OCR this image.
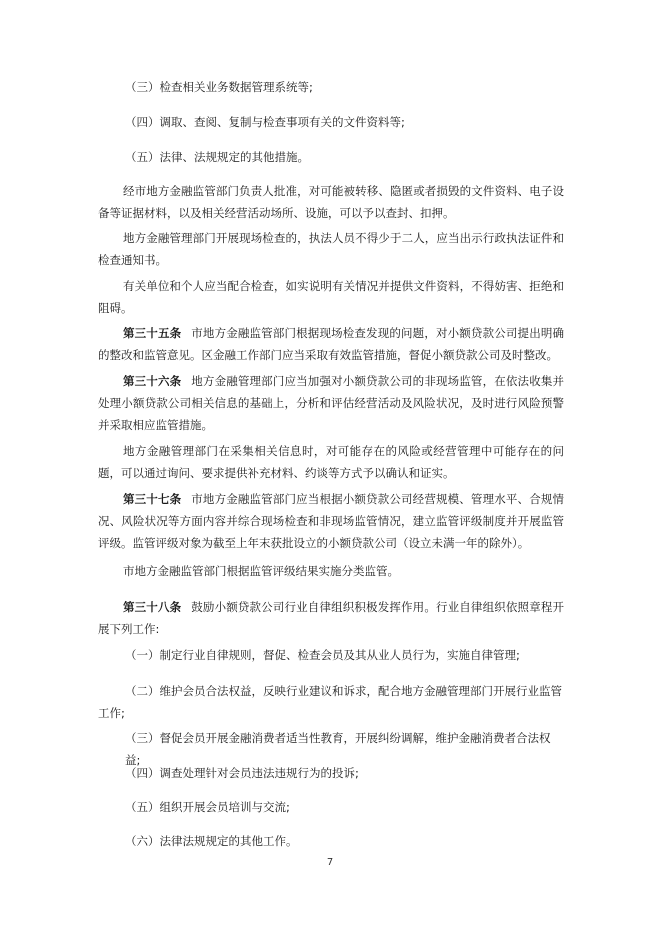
（三）检查相关业务数据管理系统等;

（四）调取、查阅、复制与检查事项有关的文件资料等;

（五）法律、法规规定的其他措施。

经市地方金融监管部门负责人批准，对可能被转移、隐匿或者损毁的文件资料、电子设备等证据材料，以及相关经营活动场所、设施，可以予以查封、扣押。

地方金融管理部门开展现场检查的，执法人员不得少于二人，应当出示行政执法证件和检查通知书。

有关单位和个人应当配合检查，如实说明有关情况并提供文件资料，不得妨害、拒绝和阻碍。

第三十五条 市地方金融监管部门根据现场检查发现的问题，对小额贷款公司提出明确的整改和监管意见。区金融工作部门应当采取有效监管措施，督促小额贷款公司及时整改。

第三十六条 地方金融管理部门应当加强对小额贷款公司的非现场监管，在依法收集并处理小额贷款公司相关信息的基础上，分析和评估经营活动及风险状况，及时进行风险预警并采取相应监管措施。

地方金融管理部门在采集相关信息时，对可能存在的风险或经营管理中可能存在的问题，可以通过询问、要求提供补充材料、约谈等方式予以确认和证实。

第三十七条 市地方金融监管部门应当根据小额贷款公司经营规模、管理水平、合规情况、风险状况等方面内容并综合现场检查和非现场监管情况，建立监管评级制度并开展监管评级。监管评级对象为截至上年末获批设立的小额贷款公司（设立未满一年的除外）。

市地方金融监管部门根据监管评级结果实施分类监管。

第三十八条 鼓励小额贷款公司行业自律组织积极发挥作用。行业自律组织依照章程开展下列工作:

（一）制定行业自律规则，督促、检查会员及其从业人员行为，实施自律管理;

（二）维护会员合法权益，反映行业建议和诉求，配合地方金融管理部门开展行业监管工作;

（三）督促会员开展金融消费者适当性教育，开展纠纷调解，维护金融消费者合法权益;

（四）调查处理针对会员违法违规行为的投诉;

（五）组织开展会员培训与交流;

（六）法律法规规定的其他工作。

7
